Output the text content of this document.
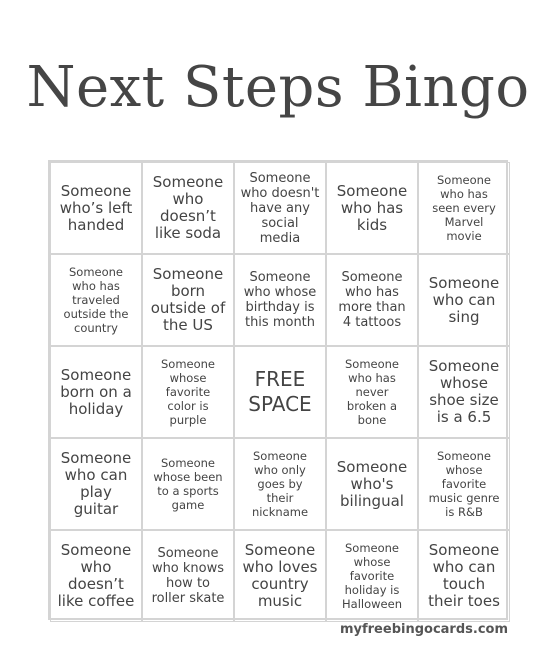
Next Steps Bingo
Someone
who’s left
handed
Someone
who
doesn’t
like soda
Someone
who doesn't
have any
social media
Someone
who has
kids
Someone
who has
seen every
Marvel
movie
Someone
who has
traveled
outside the
country
Someone
born
outside of
the US
Someone
who whose
birthday is
this month
Someone
who has
more than
4 tattoos
Someone
who can
sing
Someone
born on a
holiday
Someone
whose
favorite
color is
purple
FREE
SPACE
Someone
who has
never
broken a
bone
Someone
whose
shoe size
is a 6.5
Someone
who can
play guitar
Someone
whose been
to a sports
game
Someone
who only
goes by
their
nickname
Someone
who's
bilingual
Someone
whose
favorite
music genre
is R&B
Someone
who
doesn’t
like coffee
Someone
who knows
how to
roller skate
Someone
who loves
country
music
Someone
whose
favorite
holiday is
Halloween
Someone
who can
touch
their toes
myfreebingocards.com
